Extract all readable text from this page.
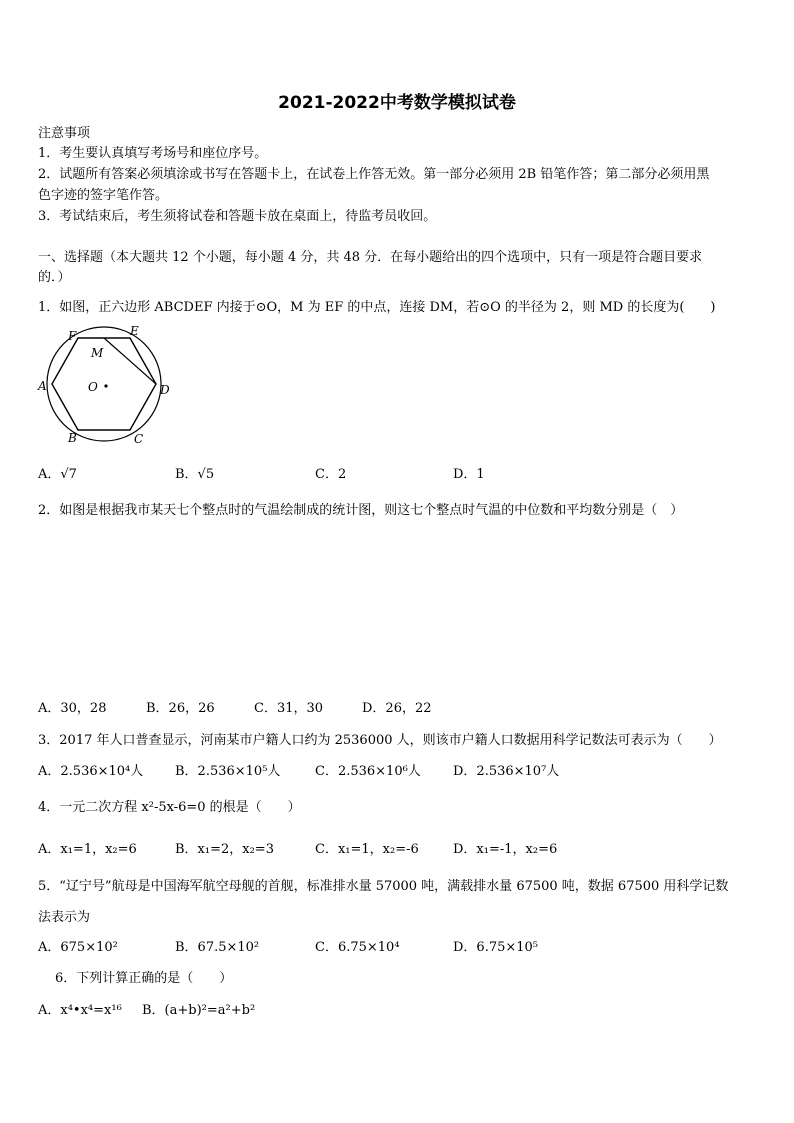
2021-2022中考数学模拟试卷
注意事项
1．考生要认真填写考场号和座位序号。
2．试题所有答案必须填涂或书写在答题卡上，在试卷上作答无效。第一部分必须用 2B 铅笔作答；第二部分必须用黑
色字迹的签字笔作答。
3．考试结束后，考生须将试卷和答题卡放在桌面上，待监考员收回。
一、选择题（本大题共 12 个小题，每小题 4 分，共 48 分．在每小题给出的四个选项中，只有一项是符合题目要求
的．）
1．如图，正六边形 ABCDEF 内接于⊙O，M 为 EF 的中点，连接 DM，若⊙O 的半径为 2，则 MD 的长度为(　　)
A
B	C
D
E
F
M
O
A．√7	B．√5	C．2	D．1
2．如图是根据我市某天七个整点时的气温绘制成的统计图，则这七个整点时气温的中位数和平均数分别是（　）
A．30，28	B．26，26	C．31，30	D．26，22
3．2017 年人口普查显示，河南某市户籍人口约为 2536000 人，则该市户籍人口数据用科学记数法可表示为（　　）
A．2.536×10⁴人 B．2.536×10⁵人	C．2.536×10⁶人 D．2.536×10⁷人
4．一元二次方程 x²-5x-6=0 的根是（　　）
A．x₁=1，x₂=6	B．x₁=2，x₂=3	C．x₁=1，x₂=-6	D．x₁=-1，x₂=6
5．“辽宁号”航母是中国海军航空母舰的首舰，标准排水量 57000 吨，满载排水量 67500 吨，数据 67500 用科学记数
法表示为
A．675×10²	B．67.5×10²	C．6.75×10⁴	D．6.75×10⁵
6．下列计算正确的是（　　）
A．x⁴•x⁴=x¹⁶ B．(a+b)²=a²+b²
